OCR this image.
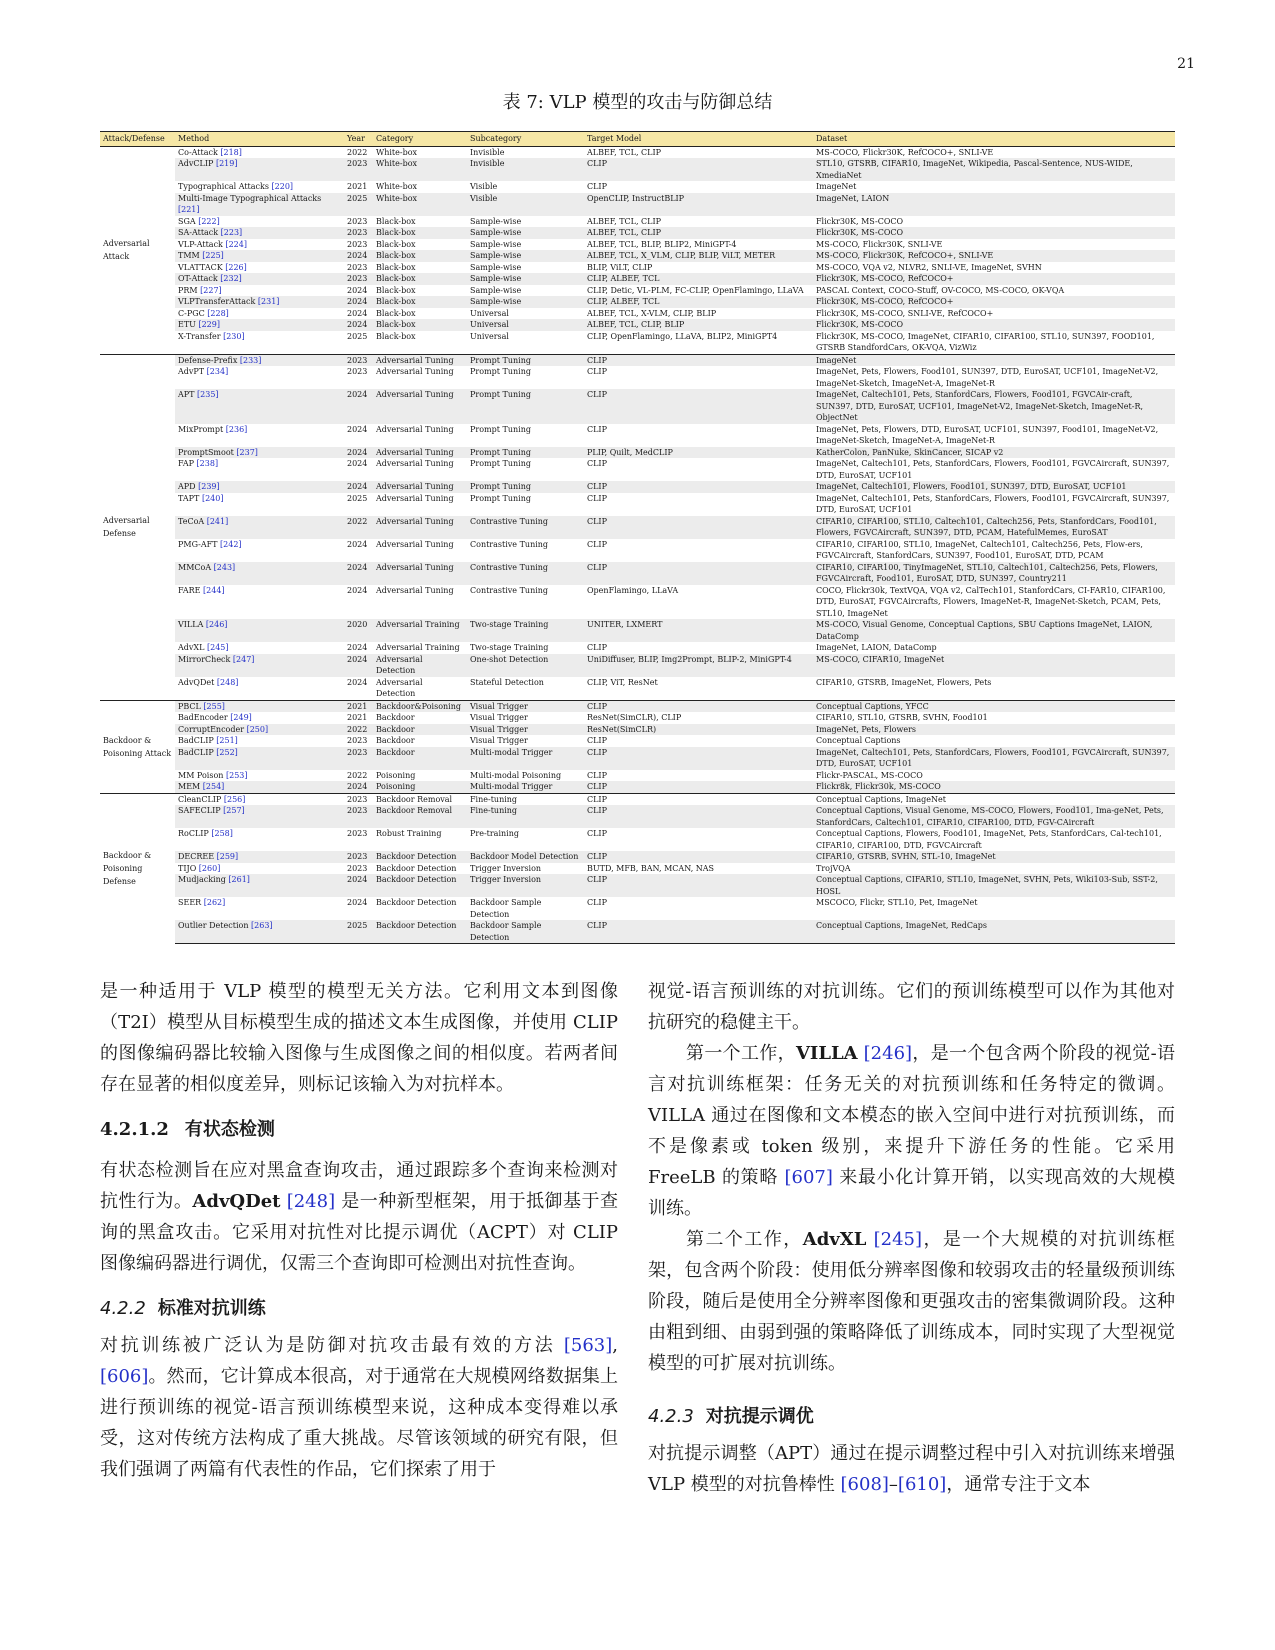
21
表 7: VLP 模型的攻击与防御总结
Attack/Defense	Method	Year	Category	Subcategory	Target Model	Dataset
Adversarial Attack	Co-Attack [218]	2022	White-box	Invisible	ALBEF, TCL, CLIP	MS-COCO, Flickr30K, RefCOCO+, SNLI-VE
	AdvCLIP [219]	2023	White-box	Invisible	CLIP	STL10, GTSRB, CIFAR10, ImageNet, Wikipedia, Pascal-Sentence, NUS-WIDE, XmediaNet
	Typographical Attacks [220]	2021	White-box	Visible	CLIP	ImageNet
	Multi-Image Typographical Attacks [221]	2025	White-box	Visible	OpenCLIP, InstructBLIP	ImageNet, LAION
	SGA [222]	2023	Black-box	Sample-wise	ALBEF, TCL, CLIP	Flickr30K, MS-COCO
	SA-Attack [223]	2023	Black-box	Sample-wise	ALBEF, TCL, CLIP	Flickr30K, MS-COCO
	VLP-Attack [224]	2023	Black-box	Sample-wise	ALBEF, TCL, BLIP, BLIP2, MiniGPT-4	MS-COCO, Flickr30K, SNLI-VE
	TMM [225]	2024	Black-box	Sample-wise	ALBEF, TCL, X_VLM, CLIP, BLIP, ViLT, METER	MS-COCO, Flickr30K, RefCOCO+, SNLI-VE
	VLATTACK [226]	2023	Black-box	Sample-wise	BLIP, ViLT, CLIP	MS-COCO, VQA v2, NLVR2, SNLI-VE, ImageNet, SVHN
	OT-Attack [232]	2023	Black-box	Sample-wise	CLIP, ALBEF, TCL	Flickr30K, MS-COCO, RefCOCO+
	PRM [227]	2024	Black-box	Sample-wise	CLIP, Detic, VL-PLM, FC-CLIP, OpenFlamingo, LLaVA	PASCAL Context, COCO-Stuff, OV-COCO, MS-COCO, OK-VQA
	VLPTransferAttack [231]	2024	Black-box	Sample-wise	CLIP, ALBEF, TCL	Flickr30K, MS-COCO, RefCOCO+
	C-PGC [228]	2024	Black-box	Universal	ALBEF, TCL, X-VLM, CLIP, BLIP	Flickr30K, MS-COCO, SNLI-VE, RefCOCO+
	ETU [229]	2024	Black-box	Universal	ALBEF, TCL, CLIP, BLIP	Flickr30K, MS-COCO
	X-Transfer [230]	2025	Black-box	Universal	CLIP, OpenFlamingo, LLaVA, BLIP2, MiniGPT4	Flickr30K, MS-COCO, ImageNet, CIFAR10, CIFAR100, STL10, SUN397, FOOD101, GTSRB StandfordCars, OK-VQA, VizWiz
Adversarial Defense	Defense-Prefix [233]	2023	Adversarial Tuning	Prompt Tuning	CLIP	ImageNet
	AdvPT [234]	2023	Adversarial Tuning	Prompt Tuning	CLIP	ImageNet, Pets, Flowers, Food101, SUN397, DTD, EuroSAT, UCF101, ImageNet-V2, ImageNet-Sketch, ImageNet-A, ImageNet-R
	APT [235]	2024	Adversarial Tuning	Prompt Tuning	CLIP	ImageNet, Caltech101, Pets, StanfordCars, Flowers, Food101, FGVCAir-craft, SUN397, DTD, EuroSAT, UCF101, ImageNet-V2, ImageNet-Sketch, ImageNet-R, ObjectNet
	MixPrompt [236]	2024	Adversarial Tuning	Prompt Tuning	CLIP	ImageNet, Pets, Flowers, DTD, EuroSAT, UCF101, SUN397, Food101, ImageNet-V2, ImageNet-Sketch, ImageNet-A, ImageNet-R
	PromptSmoot [237]	2024	Adversarial Tuning	Prompt Tuning	PLIP, Quilt, MedCLIP	KatherColon, PanNuke, SkinCancer, SICAP v2
	FAP [238]	2024	Adversarial Tuning	Prompt Tuning	CLIP	ImageNet, Caltech101, Pets, StanfordCars, Flowers, Food101, FGVCAircraft, SUN397, DTD, EuroSAT, UCF101
	APD [239]	2024	Adversarial Tuning	Prompt Tuning	CLIP	ImageNet, Caltech101, Flowers, Food101, SUN397, DTD, EuroSAT, UCF101
	TAPT [240]	2025	Adversarial Tuning	Prompt Tuning	CLIP	ImageNet, Caltech101, Pets, StanfordCars, Flowers, Food101, FGVCAircraft, SUN397, DTD, EuroSAT, UCF101
	TeCoA [241]	2022	Adversarial Tuning	Contrastive Tuning	CLIP	CIFAR10, CIFAR100, STL10, Caltech101, Caltech256, Pets, StanfordCars, Food101, Flowers, FGVCAircraft, SUN397, DTD, PCAM, HatefulMemes, EuroSAT
	PMG-AFT [242]	2024	Adversarial Tuning	Contrastive Tuning	CLIP	CIFAR10, CIFAR100, STL10, ImageNet, Caltech101, Caltech256, Pets, Flow-ers, FGVCAircraft, StanfordCars, SUN397, Food101, EuroSAT, DTD, PCAM
	MMCoA [243]	2024	Adversarial Tuning	Contrastive Tuning	CLIP	CIFAR10, CIFAR100, TinyImageNet, STL10, Caltech101, Caltech256, Pets, Flowers, FGVCAircraft, Food101, EuroSAT, DTD, SUN397, Country211
	FARE [244]	2024	Adversarial Tuning	Contrastive Tuning	OpenFlamingo, LLaVA	COCO, Flickr30k, TextVQA, VQA v2, CalTech101, StanfordCars, CI-FAR10, CIFAR100, DTD, EuroSAT, FGVCAircrafts, Flowers, ImageNet-R, ImageNet-Sketch, PCAM, Pets, STL10, ImageNet
	VILLA [246]	2020	Adversarial Training	Two-stage Training	UNITER, LXMERT	MS-COCO, Visual Genome, Conceptual Captions, SBU Captions ImageNet, LAION, DataComp
	AdvXL [245]	2024	Adversarial Training	Two-stage Training	CLIP	ImageNet, LAION, DataComp
	MirrorCheck [247]	2024	Adversarial Detection	One-shot Detection	UniDiffuser, BLIP, Img2Prompt, BLIP-2, MiniGPT-4	MS-COCO, CIFAR10, ImageNet
	AdvQDet [248]	2024	Adversarial Detection	Stateful Detection	CLIP, ViT, ResNet	CIFAR10, GTSRB, ImageNet, Flowers, Pets
Backdoor & Poisoning Attack	PBCL [255]	2021	Backdoor&Poisoning	Visual Trigger	CLIP	Conceptual Captions, YFCC
	BadEncoder [249]	2021	Backdoor	Visual Trigger	ResNet(SimCLR), CLIP	CIFAR10, STL10, GTSRB, SVHN, Food101
	CorruptEncoder [250]	2022	Backdoor	Visual Trigger	ResNet(SimCLR)	ImageNet, Pets, Flowers
	BadCLIP [251]	2023	Backdoor	Visual Trigger	CLIP	Conceptual Captions
	BadCLIP [252]	2023	Backdoor	Multi-modal Trigger	CLIP	ImageNet, Caltech101, Pets, StanfordCars, Flowers, Food101, FGVCAircraft, SUN397, DTD, EuroSAT, UCF101
	MM Poison [253]	2022	Poisoning	Multi-modal Poisoning	CLIP	Flickr-PASCAL, MS-COCO
	MEM [254]	2024	Poisoning	Multi-modal Trigger	CLIP	Flickr8k, Flickr30k, MS-COCO
Backdoor & Poisoning Defense	CleanCLIP [256]	2023	Backdoor Removal	Fine-tuning	CLIP	Conceptual Captions, ImageNet
	SAFECLIP [257]	2023	Backdoor Removal	Fine-tuning	CLIP	Conceptual Captions, Visual Genome, MS-COCO, Flowers, Food101, Ima-geNet, Pets, StanfordCars, Caltech101, CIFAR10, CIFAR100, DTD, FGV-CAircraft
	RoCLIP [258]	2023	Robust Training	Pre-training	CLIP	Conceptual Captions, Flowers, Food101, ImageNet, Pets, StanfordCars, Cal-tech101, CIFAR10, CIFAR100, DTD, FGVCAircraft
	DECREE [259]	2023	Backdoor Detection	Backdoor Model Detection	CLIP	CIFAR10, GTSRB, SVHN, STL-10, ImageNet
	TIJO [260]	2023	Backdoor Detection	Trigger Inversion	BUTD, MFB, BAN, MCAN, NAS	TrojVQA
	Mudjacking [261]	2024	Backdoor Detection	Trigger Inversion	CLIP	Conceptual Captions, CIFAR10, STL10, ImageNet, SVHN, Pets, Wiki103-Sub, SST-2, HOSL
	SEER [262]	2024	Backdoor Detection	Backdoor Sample Detection	CLIP	MSCOCO, Flickr, STL10, Pet, ImageNet
	Outlier Detection [263]	2025	Backdoor Detection	Backdoor Sample Detection	CLIP	Conceptual Captions, ImageNet, RedCaps

是一种适用于 VLP 模型的模型无关方法。它利用文本到图像（T2I）模型从目标模型生成的描述文本生成图像，并使用 CLIP 的图像编码器比较输入图像与生成图像之间的相似度。若两者间存在显著的相似度差异，则标记该输入为对抗样本。

4.2.1.2 有状态检测

有状态检测旨在应对黑盒查询攻击，通过跟踪多个查询来检测对抗性行为。AdvQDet [248] 是一种新型框架，用于抵御基于查询的黑盒攻击。它采用对抗性对比提示调优（ACPT）对 CLIP 图像编码器进行调优，仅需三个查询即可检测出对抗性查询。

4.2.2 标准对抗训练

对抗训练被广泛认为是防御对抗攻击最有效的方法 [563], [606]。然而，它计算成本很高，对于通常在大规模网络数据集上进行预训练的视觉-语言预训练模型来说，这种成本变得难以承受，这对传统方法构成了重大挑战。尽管该领域的研究有限，但我们强调了两篇有代表性的作品，它们探索了用于

视觉-语言预训练的对抗训练。它们的预训练模型可以作为其他对抗研究的稳健主干。

第一个工作，VILLA [246]，是一个包含两个阶段的视觉-语言对抗训练框架：任务无关的对抗预训练和任务特定的微调。VILLA 通过在图像和文本模态的嵌入空间中进行对抗预训练，而不是像素或 token 级别，来提升下游任务的性能。它采用 FreeLB 的策略 [607] 来最小化计算开销，以实现高效的大规模训练。

第二个工作，AdvXL [245]，是一个大规模的对抗训练框架，包含两个阶段：使用低分辨率图像和较弱攻击的轻量级预训练阶段，随后是使用全分辨率图像和更强攻击的密集微调阶段。这种由粗到细、由弱到强的策略降低了训练成本，同时实现了大型视觉模型的可扩展对抗训练。

4.2.3 对抗提示调优

对抗提示调整（APT）通过在提示调整过程中引入对抗训练来增强 VLP 模型的对抗鲁棒性 [608]–[610]，通常专注于文本
